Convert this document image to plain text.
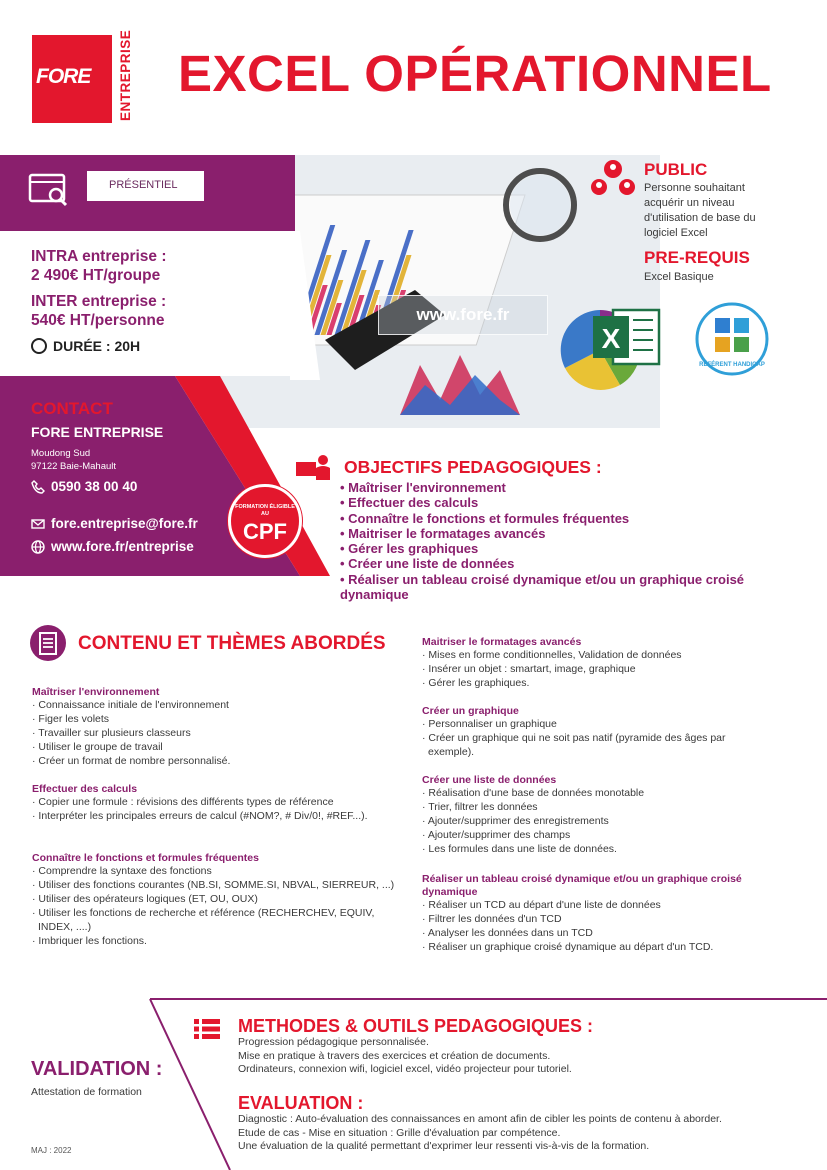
FORE ENTREPRISE EXCEL OPÉRATIONNEL
PRÉSENTIEL
INTRA entreprise :
2 490€ HT/groupe
INTER entreprise :
540€ HT/personne
DURÉE : 20H
www.fore.fr
X
RÉFÉRENT HANDICAP
PUBLIC
Personne souhaitant acquérir un niveau d'utilisation de base du logiciel Excel
PRE-REQUIS
Excel Basique
CONTACT
FORE ENTREPRISE
Moudong Sud
97122 Baie-Mahault
0590 38 00 40
fore.entreprise@fore.fr
www.fore.fr/entreprise
FORMATION ÉLIGIBLE AU
CPF
OBJECTIFS PEDAGOGIQUES :
• Maîtriser l'environnement
• Effectuer des calculs
• Connaître le fonctions et formules fréquentes
• Maitriser le formatages avancés
• Gérer les graphiques
• Créer une liste de données
• Réaliser un tableau croisé dynamique et/ou un graphique croisé dynamique
CONTENU ET THÈMES ABORDÉS
Maîtriser l'environnement
· Connaissance initiale de l'environnement
· Figer les volets
· Travailler sur plusieurs classeurs
· Utiliser le groupe de travail
· Créer un format de nombre personnalisé.
Effectuer des calculs
· Copier une formule : révisions des différents types de référence
· Interpréter les principales erreurs de calcul (#NOM?, # Div/0!, #REF...).
Connaître le fonctions et formules fréquentes
· Comprendre la syntaxe des fonctions
· Utiliser des fonctions courantes (NB.SI, SOMME.SI, NBVAL, SIERREUR, ...)
· Utiliser des opérateurs logiques (ET, OU, OUX)
· Utiliser les fonctions de recherche et référence (RECHERCHEV, EQUIV, INDEX, ....)
· Imbriquer les fonctions.
Maitriser le formatages avancés
· Mises en forme conditionnelles, Validation de données
· Insérer un objet : smartart, image, graphique
· Gérer les graphiques.
Créer un graphique
· Personnaliser un graphique
· Créer un graphique qui ne soit pas natif (pyramide des âges par exemple).
Créer une liste de données
· Réalisation d'une base de données monotable
· Trier, filtrer les données
· Ajouter/supprimer des enregistrements
· Ajouter/supprimer des champs
· Les formules dans une liste de données.
Réaliser un tableau croisé dynamique et/ou un graphique croisé dynamique
· Réaliser un TCD au départ d'une liste de données
· Filtrer les données d'un TCD
· Analyser les données dans un TCD
· Réaliser un graphique croisé dynamique au départ d'un TCD.
VALIDATION :
Attestation de formation
MAJ : 2022
METHODES & OUTILS PEDAGOGIQUES :
Progression pédagogique personnalisée.
Mise en pratique à travers des exercices et création de documents.
Ordinateurs, connexion wifi, logiciel excel, vidéo projecteur pour tutoriel.
EVALUATION :
Diagnostic : Auto-évaluation des connaissances en amont afin de cibler les points de contenu à aborder.
Etude de cas - Mise en situation : Grille d'évaluation par compétence.
Une évaluation de la qualité permettant d'exprimer leur ressenti vis-à-vis de la formation.
